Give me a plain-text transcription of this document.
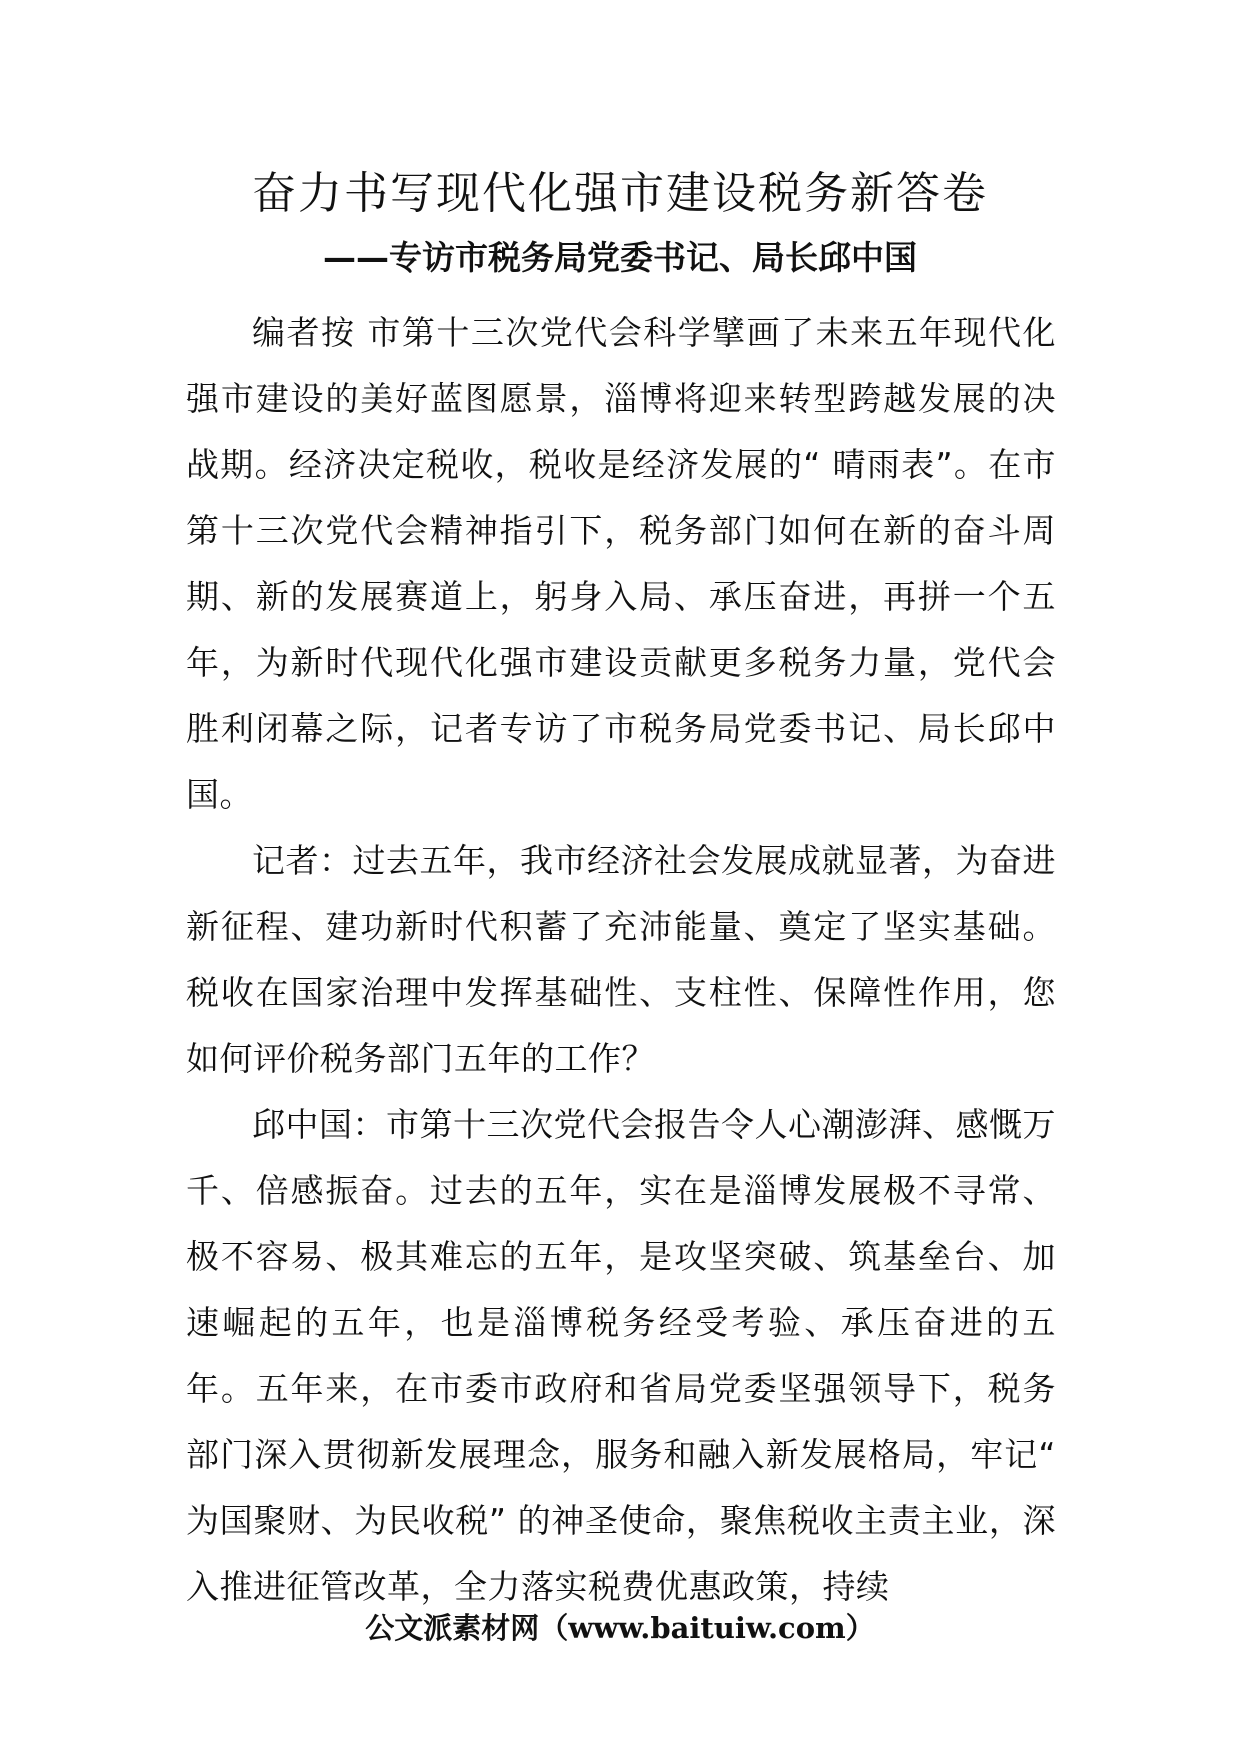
奋力书写现代化强市建设税务新答卷
——专访市税务局党委书记、局长邱中国

编者按 市第十三次党代会科学擘画了未来五年现代化强市建设的美好蓝图愿景，淄博将迎来转型跨越发展的决战期。经济决定税收，税收是经济发展的“ 晴雨表”。在市第十三次党代会精神指引下，税务部门如何在新的奋斗周期、新的发展赛道上，躬身入局、承压奋进，再拼一个五年，为新时代现代化强市建设贡献更多税务力量，党代会胜利闭幕之际，记者专访了市税务局党委书记、局长邱中国。

记者：过去五年，我市经济社会发展成就显著，为奋进新征程、建功新时代积蓄了充沛能量、奠定了坚实基础。税收在国家治理中发挥基础性、支柱性、保障性作用，您如何评价税务部门五年的工作？

邱中国：市第十三次党代会报告令人心潮澎湃、感慨万千、倍感振奋。过去的五年，实在是淄博发展极不寻常、极不容易、极其难忘的五年，是攻坚突破、筑基垒台、加速崛起的五年，也是淄博税务经受考验、承压奋进的五年。五年来，在市委市政府和省局党委坚强领导下，税务部门深入贯彻新发展理念，服务和融入新发展格局，牢记“ 为国聚财、为民收税” 的神圣使命，聚焦税收主责主业，深入推进征管改革，全力落实税费优惠政策，持续

公文派素材网（www.baituiw.com）
